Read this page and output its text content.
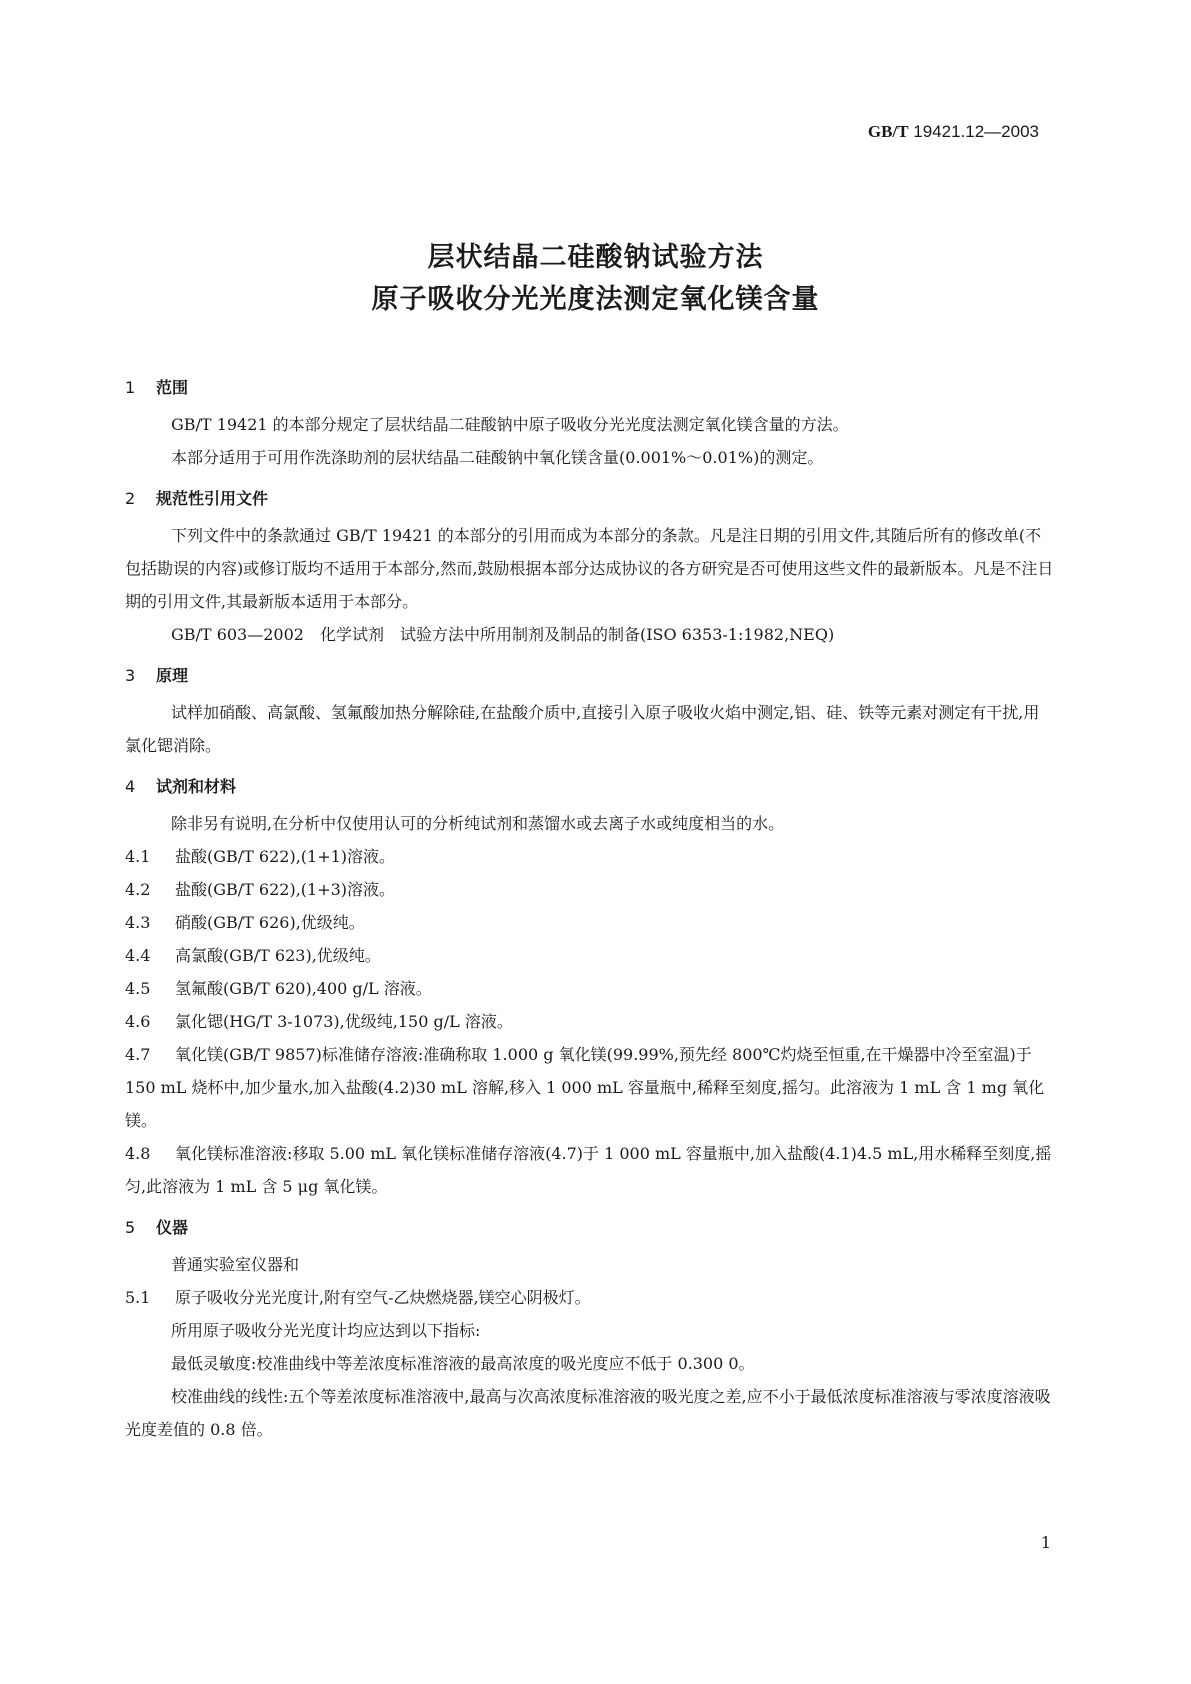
GB/T 19421.12—2003
层状结晶二硅酸钠试验方法
原子吸收分光光度法测定氧化镁含量
1 范围

GB/T 19421 的本部分规定了层状结晶二硅酸钠中原子吸收分光光度法测定氧化镁含量的方法。

本部分适用于可用作洗涤助剂的层状结晶二硅酸钠中氧化镁含量(0.001%～0.01%)的测定。

2 规范性引用文件

下列文件中的条款通过 GB/T 19421 的本部分的引用而成为本部分的条款。凡是注日期的引用文件,其随后所有的修改单(不包括勘误的内容)或修订版均不适用于本部分,然而,鼓励根据本部分达成协议的各方研究是否可使用这些文件的最新版本。凡是不注日期的引用文件,其最新版本适用于本部分。

GB/T 603—2002　化学试剂　试验方法中所用制剂及制品的制备(ISO 6353-1:1982,NEQ)

3 原理

试样加硝酸、高氯酸、氢氟酸加热分解除硅,在盐酸介质中,直接引入原子吸收火焰中测定,铝、硅、铁等元素对测定有干扰,用氯化锶消除。

4 试剂和材料

除非另有说明,在分析中仅使用认可的分析纯试剂和蒸馏水或去离子水或纯度相当的水。

4.1 盐酸(GB/T 622),(1+1)溶液。

4.2 盐酸(GB/T 622),(1+3)溶液。

4.3 硝酸(GB/T 626),优级纯。

4.4 高氯酸(GB/T 623),优级纯。

4.5 氢氟酸(GB/T 620),400 g/L 溶液。

4.6 氯化锶(HG/T 3-1073),优级纯,150 g/L 溶液。

4.7 氧化镁(GB/T 9857)标准储存溶液:准确称取 1.000 g 氧化镁(99.99%,预先经 800℃灼烧至恒重,在干燥器中冷至室温)于 150 mL 烧杯中,加少量水,加入盐酸(4.2)30 mL 溶解,移入 1 000 mL 容量瓶中,稀释至刻度,摇匀。此溶液为 1 mL 含 1 mg 氧化镁。

4.8 氧化镁标准溶液:移取 5.00 mL 氧化镁标准储存溶液(4.7)于 1 000 mL 容量瓶中,加入盐酸(4.1)4.5 mL,用水稀释至刻度,摇匀,此溶液为 1 mL 含 5 μg 氧化镁。

5 仪器

普通实验室仪器和

5.1 原子吸收分光光度计,附有空气-乙炔燃烧器,镁空心阴极灯。

所用原子吸收分光光度计均应达到以下指标:

最低灵敏度:校准曲线中等差浓度标准溶液的最高浓度的吸光度应不低于 0.300 0。

校准曲线的线性:五个等差浓度标准溶液中,最高与次高浓度标准溶液的吸光度之差,应不小于最低浓度标准溶液与零浓度溶液吸光度差值的 0.8 倍。

1
